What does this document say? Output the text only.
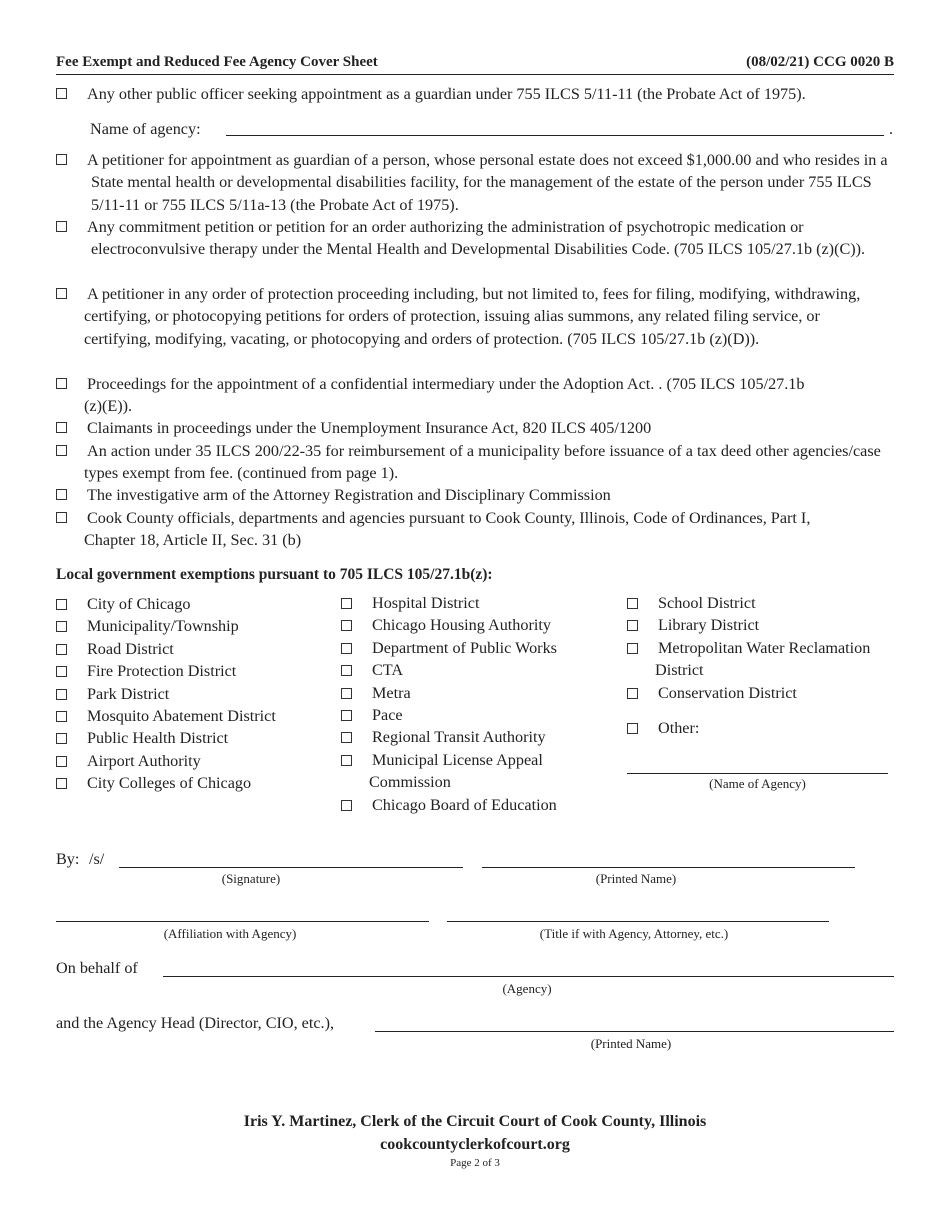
Fee Exempt and Reduced Fee Agency Cover Sheet	(08/02/21) CCG 0020 B
Any other public officer seeking appointment as a guardian under 755 ILCS 5/11-11 (the Probate Act of 1975).
Name of agency:	.
A petitioner for appointment as guardian of a person, whose personal estate does not exceed $1,000.00 and who resides in a State mental health or developmental disabilities facility, for the management of the estate of the person under 755 ILCS 5/11-11 or 755 ILCS 5/11a-13 (the Probate Act of 1975).
Any commitment petition or petition for an order authorizing the administration of psychotropic medication or electroconvulsive therapy under the Mental Health and Developmental Disabilities Code. (705 ILCS 105/27.1b (z)(C)).
A petitioner in any order of protection proceeding including, but not limited to, fees for filing, modifying, withdrawing, certifying, or photocopying petitions for orders of protection, issuing alias summons, any related filing service, or certifying, modifying, vacating, or photocopying and orders of protection. (705 ILCS 105/27.1b (z)(D)).
Proceedings for the appointment of a confidential intermediary under the Adoption Act. . (705 ILCS 105/27.1b (z)(E)).
Claimants in proceedings under the Unemployment Insurance Act, 820 ILCS 405/1200
An action under 35 ILCS 200/22-35 for reimbursement of a municipality before issuance of a tax deed other agencies/case types exempt from fee. (continued from page 1).
The investigative arm of the Attorney Registration and Disciplinary Commission
Cook County officials, departments and agencies pursuant to Cook County, Illinois, Code of Ordinances, Part I, Chapter 18, Article II, Sec. 31 (b)
Local government exemptions pursuant to 705 ILCS 105/27.1b(z):
City of Chicago
Municipality/Township
Road District
Fire Protection District
Park District
Mosquito Abatement District
Public Health District
Airport Authority
City Colleges of Chicago
Hospital District
Chicago Housing Authority
Department of Public Works
CTA
Metra
Pace
Regional Transit Authority
Municipal License Appeal
Commission
Chicago Board of Education
School District
Library District
Metropolitan Water Reclamation
District
Conservation District
Other:
(Name of Agency)
By: /s/
(Signature)	(Printed Name)
(Affiliation with Agency)	(Title if with Agency, Attorney, etc.)
On behalf of
(Agency)
and the Agency Head (Director, CIO, etc.),
(Printed Name)
Iris Y. Martinez, Clerk of the Circuit Court of Cook County, Illinois
cookcountyclerkofcourt.org
Page 2 of 3
